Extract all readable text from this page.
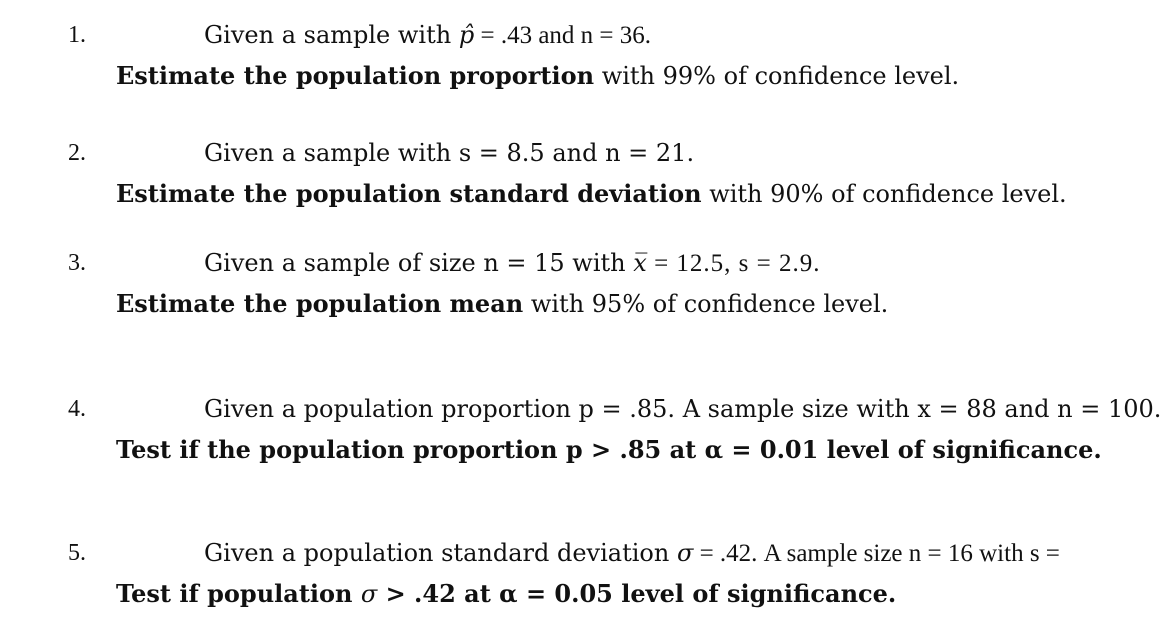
1.	Given a sample with p̂ = .43 and n = 36.
Estimate the population proportion with 99% of confidence level.
2.	Given a sample with s = 8.5 and n = 21.
Estimate the population standard deviation with 90% of confidence level.
3.	Given a sample of size n = 15 with x̅ = 12.5, s = 2.9.
Estimate the population mean with 95% of confidence level.
4.	Given a population proportion p = .85. A sample size with x = 88 and n = 100.
Test if the population proportion p > .85 at α = 0.01 level of significance.
5.	Given a population standard deviation σ = .42. A sample size n = 16 with s =
Test if population σ > .42 at α = 0.05 level of significance.
